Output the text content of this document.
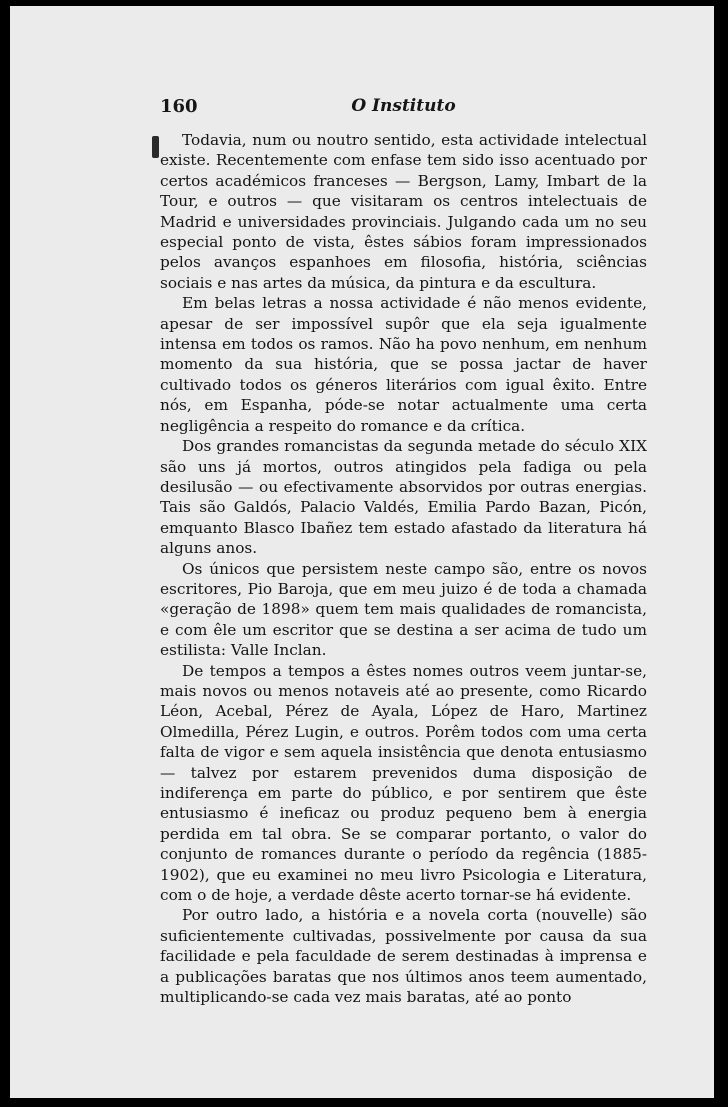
160	O Instituto

Todavia, num ou noutro sentido, esta actividade intelectual existe. Recentemente com enfase tem sido isso acentuado por certos académicos franceses — Bergson, Lamy, Imbart de la Tour, e outros — que visitaram os centros intelectuais de Madrid e universidades provinciais. Julgando cada um no seu especial ponto de vista, êstes sábios foram impressionados pelos avanços espanhoes em filosofia, história, sciências sociais e nas artes da música, da pintura e da escultura.

Em belas letras a nossa actividade é não menos evidente, apesar de ser impossível supôr que ela seja igualmente intensa em todos os ramos. Não ha povo nenhum, em nenhum momento da sua história, que se possa jactar de haver cultivado todos os géneros literários com igual êxito. Entre nós, em Espanha, póde-se notar actualmente uma certa negligência a respeito do romance e da crítica.

Dos grandes romancistas da segunda metade do século XIX são uns já mortos, outros atingidos pela fadiga ou pela desilusão — ou efectivamente absorvidos por outras energias. Tais são Galdós, Palacio Valdés, Emilia Pardo Bazan, Picón, emquanto Blasco Ibañez tem estado afastado da literatura há alguns anos.

Os únicos que persistem neste campo são, entre os novos escritores, Pio Baroja, que em meu juizo é de toda a chamada «geração de 1898» quem tem mais qualidades de romancista, e com êle um escritor que se destina a ser acima de tudo um estilista: Valle Inclan.

De tempos a tempos a êstes nomes outros veem juntar-se, mais novos ou menos notaveis até ao presente, como Ricardo Léon, Acebal, Pérez de Ayala, López de Haro, Martinez Olmedilla, Pérez Lugin, e outros. Porêm todos com uma certa falta de vigor e sem aquela insistência que denota entusiasmo — talvez por estarem prevenidos duma disposição de indiferença em parte do público, e por sentirem que êste entusiasmo é ineficaz ou produz pequeno bem à energia perdida em tal obra. Se se comparar portanto, o valor do conjunto de romances durante o período da regência (1885-1902), que eu examinei no meu livro Psicologia e Literatura, com o de hoje, a verdade dêste acerto tornar-se há evidente.

Por outro lado, a história e a novela corta (nouvelle) são suficientemente cultivadas, possivelmente por causa da sua facilidade e pela faculdade de serem destinadas à imprensa e a publicações baratas que nos últimos anos teem aumentado, multiplicando-se cada vez mais baratas, até ao ponto
